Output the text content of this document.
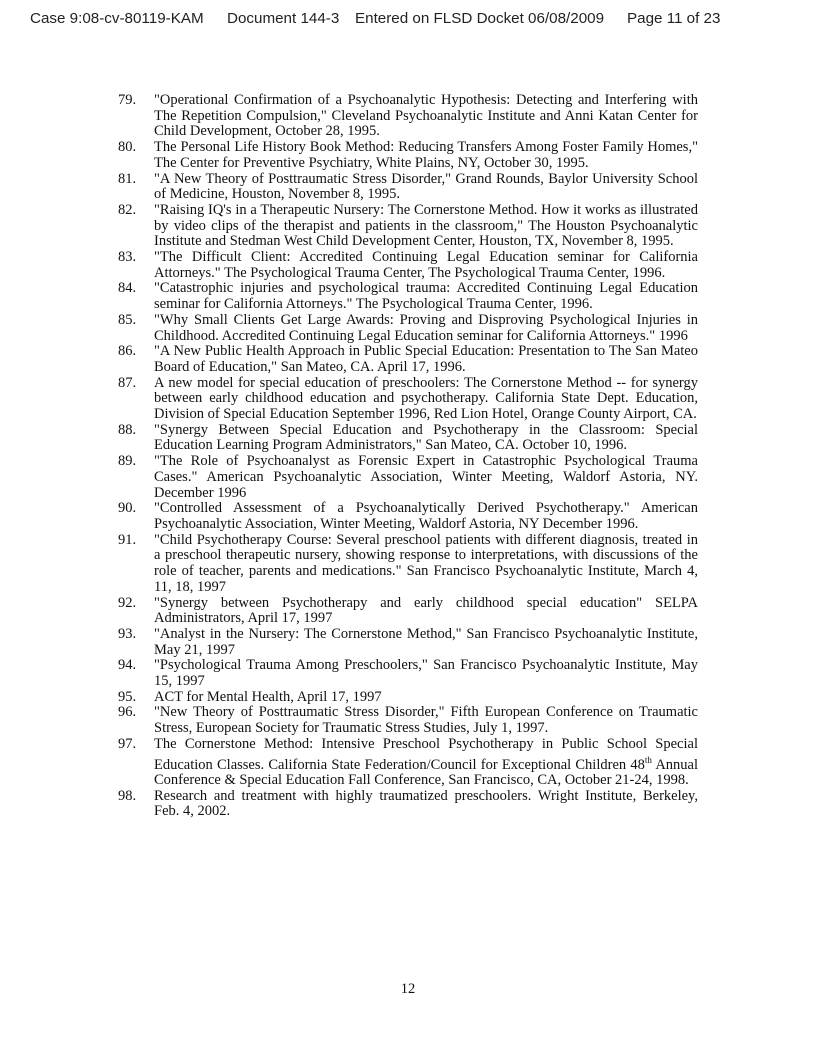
Case 9:08-cv-80119-KAM Document 144-3 Entered on FLSD Docket 06/08/2009 Page 11 of 23
79.	"Operational Confirmation of a Psychoanalytic Hypothesis: Detecting and Interfering with The Repetition Compulsion," Cleveland Psychoanalytic Institute and Anni Katan Center for Child Development, October 28, 1995.
80.	The Personal Life History Book Method: Reducing Transfers Among Foster Family Homes," The Center for Preventive Psychiatry, White Plains, NY, October 30, 1995.
81.	"A New Theory of Posttraumatic Stress Disorder," Grand Rounds, Baylor University School of Medicine, Houston, November 8, 1995.
82.	"Raising IQ's in a Therapeutic Nursery: The Cornerstone Method. How it works as illustrated by video clips of the therapist and patients in the classroom," The Houston Psychoanalytic Institute and Stedman West Child Development Center, Houston, TX, November 8, 1995.
83.	"The Difficult Client: Accredited Continuing Legal Education seminar for California Attorneys." The Psychological Trauma Center, The Psychological Trauma Center, 1996.
84.	"Catastrophic injuries and psychological trauma: Accredited Continuing Legal Education seminar for California Attorneys." The Psychological Trauma Center, 1996.
85.	"Why Small Clients Get Large Awards: Proving and Disproving Psychological Injuries in Childhood. Accredited Continuing Legal Education seminar for California Attorneys." 1996
86.	"A New Public Health Approach in Public Special Education: Presentation to The San Mateo Board of Education," San Mateo, CA. April 17, 1996.
87.	A new model for special education of preschoolers: The Cornerstone Method -- for synergy between early childhood education and psychotherapy. California State Dept. Education, Division of Special Education September 1996, Red Lion Hotel, Orange County Airport, CA.
88.	"Synergy Between Special Education and Psychotherapy in the Classroom: Special Education Learning Program Administrators," San Mateo, CA. October 10, 1996.
89.	"The Role of Psychoanalyst as Forensic Expert in Catastrophic Psychological Trauma Cases." American Psychoanalytic Association, Winter Meeting, Waldorf Astoria, NY. December 1996
90.	"Controlled Assessment of a Psychoanalytically Derived Psychotherapy." American Psychoanalytic Association, Winter Meeting, Waldorf Astoria, NY December 1996.
91.	"Child Psychotherapy Course: Several preschool patients with different diagnosis, treated in a preschool therapeutic nursery, showing response to interpretations, with discussions of the role of teacher, parents and medications." San Francisco Psychoanalytic Institute, March 4, 11, 18, 1997
92.	"Synergy between Psychotherapy and early childhood special education" SELPA Administrators, April 17, 1997
93.	"Analyst in the Nursery: The Cornerstone Method," San Francisco Psychoanalytic Institute, May 21, 1997
94.	"Psychological Trauma Among Preschoolers," San Francisco Psychoanalytic Institute, May 15, 1997
95.	ACT for Mental Health, April 17, 1997
96.	"New Theory of Posttraumatic Stress Disorder," Fifth European Conference on Traumatic Stress, European Society for Traumatic Stress Studies, July 1, 1997.
97.	The Cornerstone Method: Intensive Preschool Psychotherapy in Public School Special Education Classes. California State Federation/Council for Exceptional Children 48th Annual Conference & Special Education Fall Conference, San Francisco, CA, October 21-24, 1998.
98.	Research and treatment with highly traumatized preschoolers. Wright Institute, Berkeley, Feb. 4, 2002.
12
